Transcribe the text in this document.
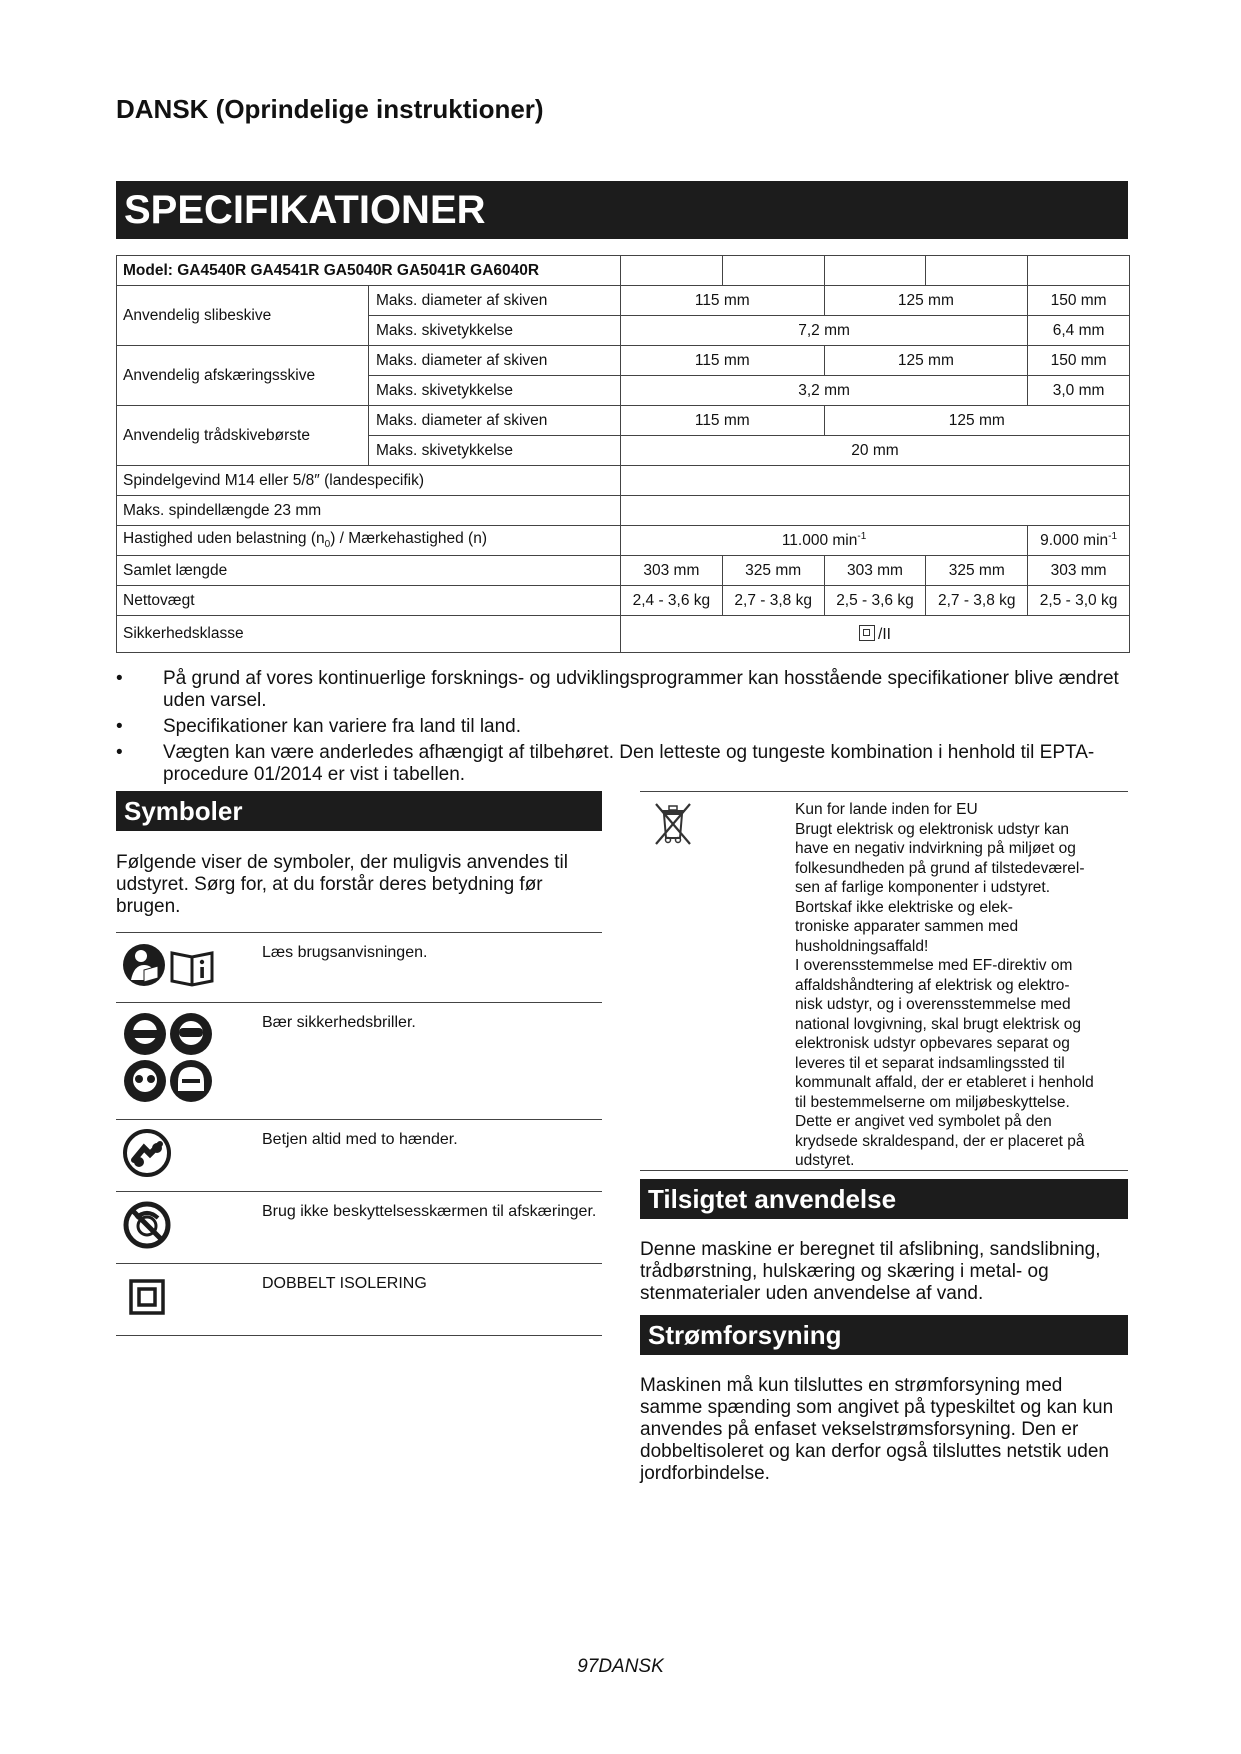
DANSK (Oprindelige instruktioner)
SPECIFIKATIONER
Model: GA4540R GA4541R GA5040R GA5041R GA6040R						
Anvendelig slibeskive	Maks. diameter af skiven	115 mm		125 mm		150 mm
	Maks. skivetykkelse	7,2 mm				6,4 mm
Anvendelig afskæringsskive	Maks. diameter af skiven	115 mm		125 mm		150 mm
	Maks. skivetykkelse	3,2 mm				3,0 mm
Anvendelig trådskivebørste	Maks. diameter af skiven	115 mm		125 mm		
	Maks. skivetykkelse	20 mm				
Spindelgevind M14 eller 5/8″ (landespecifik)						
Maks. spindellængde 23 mm						
Hastighed uden belastning $(n_0)$ / Mærkehastighed (n)		11.000 $\min^{-1}$				9.000 $\min^{-1}$
Samlet længde		303 mm	325 mm	303 mm	325 mm	303 mm
Nettovægt		2,4 - 3,6 kg	2,7 - 3,8 kg	2,5 - 3,6 kg	2,7 - 3,8 kg	2,5 - 3,0 kg
Sikkerhedsklasse		/II				
• På grund af vores kontinuerlige forsknings- og udviklingsprogrammer kan hosstående specifikationer blive ændret uden varsel.
• Specifikationer kan variere fra land til land.
• Vægten kan være anderledes afhængigt af tilbehøret. Den letteste og tungeste kombination i henhold til EPTA-procedure 01/2014 er vist i tabellen.
Symboler
Følgende viser de symboler, der muligvis anvendes til udstyret. Sørg for, at du forstår deres betydning før brugen.
	Læs brugsanvisningen.
	Bær sikkerhedsbriller.
	Betjen altid med to hænder.
	Brug ikke beskyttelsesskærmen til afskæringer.
	DOBBELT ISOLERING
Kun for lande inden for EU
Brugt elektrisk og elektronisk udstyr kan
have en negativ indvirkning på miljøet og
folkesundheden på grund af tilstedeværel-
sen af farlige komponenter i udstyret.
Bortskaf ikke elektriske og elek-
troniske apparater sammen med
husholdningsaffald!
I overensstemmelse med EF-direktiv om
affaldshåndtering af elektrisk og elektro-
nisk udstyr, og i overensstemmelse med
national lovgivning, skal brugt elektrisk og
elektronisk udstyr opbevares separat og
leveres til et separat indsamlingssted til
kommunalt affald, der er etableret i henhold
til bestemmelserne om miljøbeskyttelse.
Dette er angivet ved symbolet på den
krydsede skraldespand, der er placeret på
udstyret.
Tilsigtet anvendelse
Denne maskine er beregnet til afslibning, sandslibning, trådbørstning, hulskæring og skæring i metal- og stenmaterialer uden anvendelse af vand.
Strømforsyning
Maskinen må kun tilsluttes en strømforsyning med samme spænding som angivet på typeskiltet og kan kun anvendes på enfaset vekselstrømsforsyning. Den er dobbeltisoleret og kan derfor også tilsluttes netstik uden jordforbindelse.
97DANSK
